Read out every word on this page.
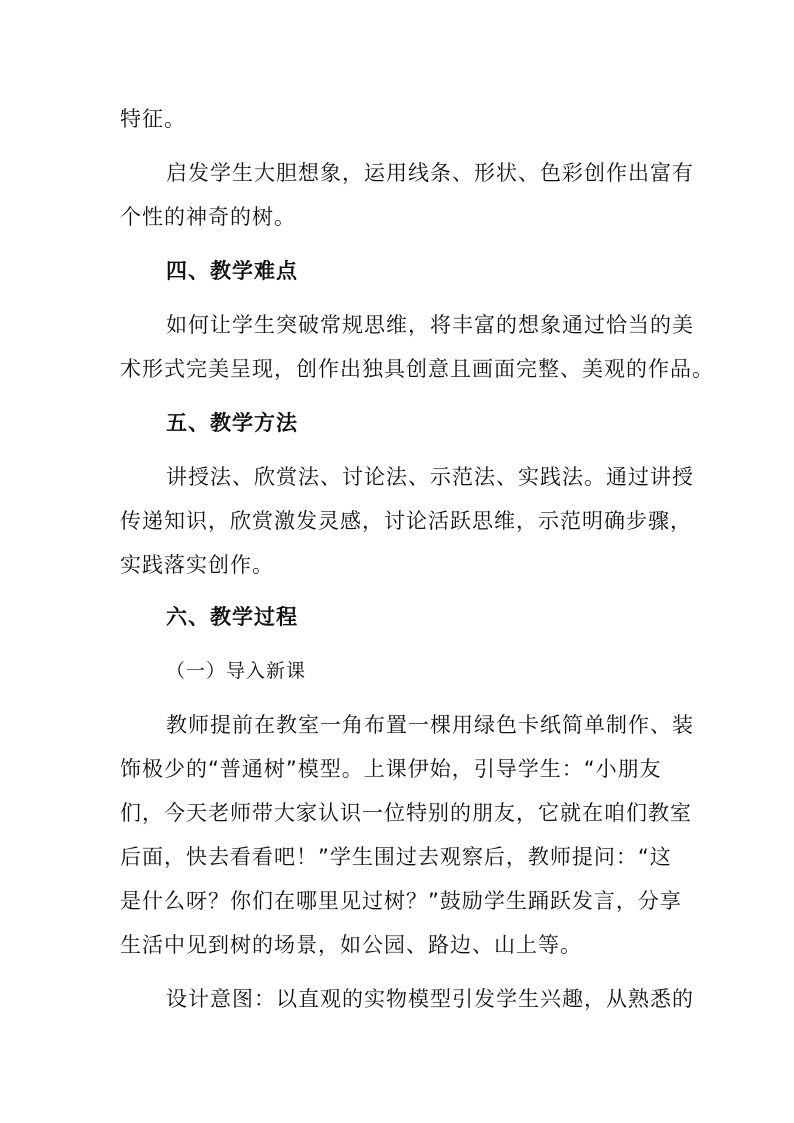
特征。
启发学生大胆想象，运用线条、形状、色彩创作出富有
个性的神奇的树。
四、教学难点
如何让学生突破常规思维，将丰富的想象通过恰当的美
术形式完美呈现，创作出独具创意且画面完整、美观的作品。
五、教学方法
讲授法、欣赏法、讨论法、示范法、实践法。通过讲授
传递知识，欣赏激发灵感，讨论活跃思维，示范明确步骤，
实践落实创作。
六、教学过程
（一）导入新课
教师提前在教室一角布置一棵用绿色卡纸简单制作、装
饰极少的“普通树”模型。上课伊始，引导学生：“小朋友
们，今天老师带大家认识一位特别的朋友，它就在咱们教室
后面，快去看看吧！”学生围过去观察后，教师提问：“这
是什么呀？你们在哪里见过树？”鼓励学生踊跃发言，分享
生活中见到树的场景，如公园、路边、山上等。
设计意图：以直观的实物模型引发学生兴趣，从熟悉的
